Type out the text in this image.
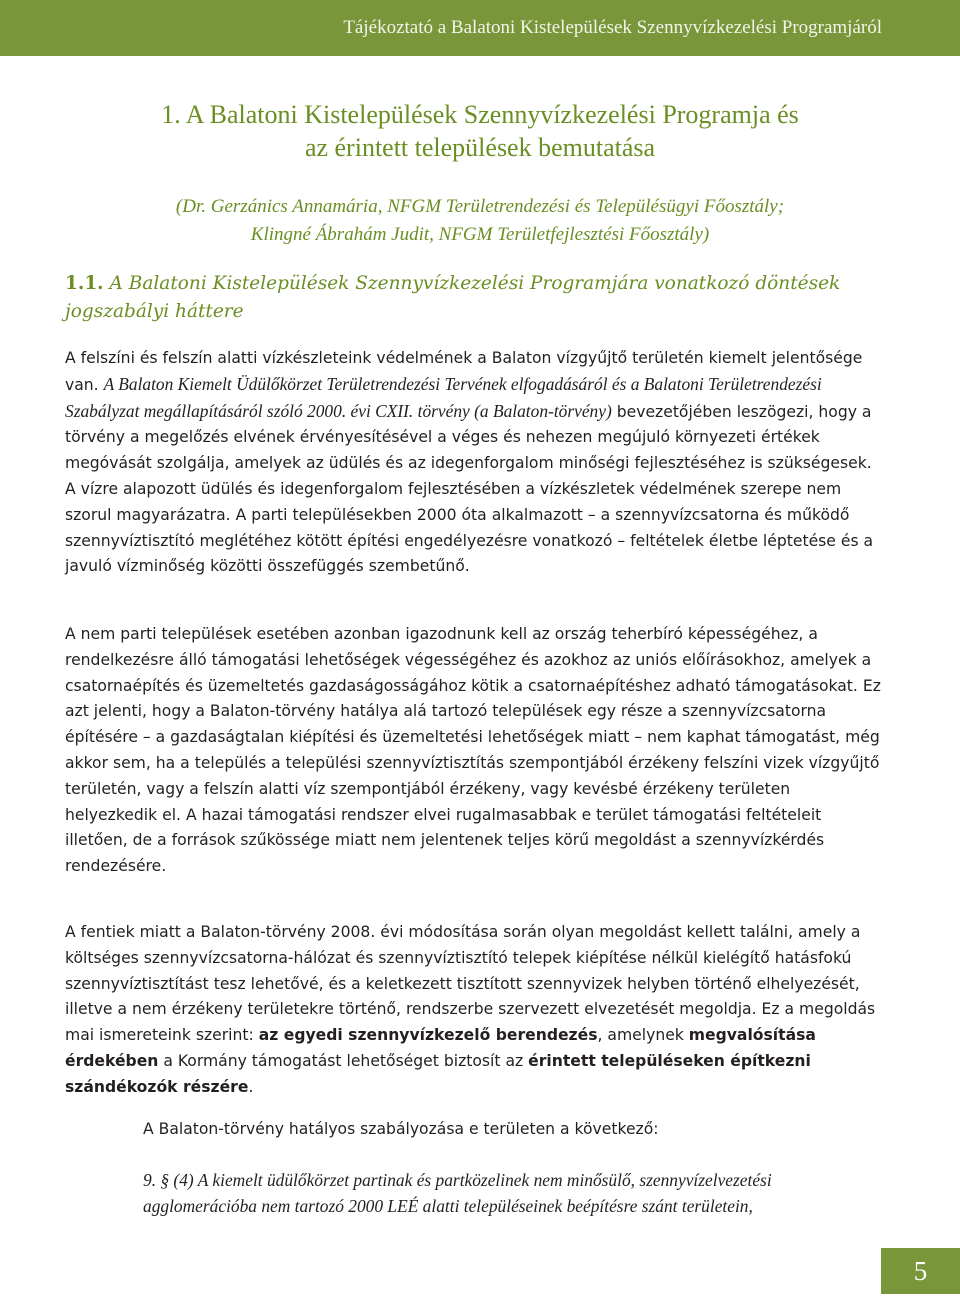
Tájékoztató a Balatoni Kistelepülések Szennyvízkezelési Programjáról
1. A Balatoni Kistelepülések Szennyvízkezelési Programja és
az érintett települések bemutatása
(Dr. Gerzánics Annamária, NFGM Területrendezési és Településügyi Főosztály;
Klingné Ábrahám Judit, NFGM Területfejlesztési Főosztály)
1.1. A Balatoni Kistelepülések Szennyvízkezelési Programjára vonatkozó döntések jogszabályi háttere

A felszíni és felszín alatti vízkészleteink védelmének a Balaton vízgyűjtő területén kiemelt jelentősége van. A Balaton Kiemelt Üdülőkörzet Területrendezési Tervének elfogadásáról és a Balatoni Területrendezési Szabályzat megállapításáról szóló 2000. évi CXII. törvény (a Balaton-törvény) bevezetőjében leszögezi, hogy a törvény a megelőzés elvének érvényesítésével a véges és nehezen megújuló környezeti értékek megóvását szolgálja, amelyek az üdülés és az idegenforgalom minőségi fejlesztéséhez is szükségesek. A vízre alapozott üdülés és idegenforgalom fejlesztésében a vízkészletek védelmének szerepe nem szorul magyarázatra. A parti településekben 2000 óta alkalmazott – a szennyvízcsatorna és működő szennyvíztisztító meglétéhez kötött építési engedélyezésre vonatkozó – feltételek életbe léptetése és a javuló vízminőség közötti összefüggés szembetűnő.

A nem parti települések esetében azonban igazodnunk kell az ország teherbíró képességéhez, a rendelkezésre álló támogatási lehetőségek végességéhez és azokhoz az uniós előírásokhoz, amelyek a csatornaépítés és üzemeltetés gazdaságosságához kötik a csatornaépítéshez adható támogatásokat. Ez azt jelenti, hogy a Balaton-törvény hatálya alá tartozó települések egy része a szennyvízcsatorna építésére – a gazdaságtalan kiépítési és üzemeltetési lehetőségek miatt – nem kaphat támogatást, még akkor sem, ha a település a települési szennyvíztisztítás szempontjából érzékeny felszíni vizek vízgyűjtő területén, vagy a felszín alatti víz szempontjából érzékeny, vagy kevésbé érzékeny területen helyezkedik el. A hazai támogatási rendszer elvei rugalmasabbak e terület támogatási feltételeit illetően, de a források szűkössége miatt nem jelentenek teljes körű megoldást a szennyvízkérdés rendezésére.

A fentiek miatt a Balaton-törvény 2008. évi módosítása során olyan megoldást kellett találni, amely a költséges szennyvízcsatorna-hálózat és szennyvíztisztító telepek kiépítése nélkül kielégítő hatásfokú szennyvíztisztítást tesz lehetővé, és a keletkezett tisztított szennyvizek helyben történő elhelyezését, illetve a nem érzékeny területekre történő, rendszerbe szervezett elvezetését megoldja. Ez a megoldás mai ismereteink szerint: az egyedi szennyvízkezelő berendezés, amelynek megvalósítása érdekében a Kormány támogatást lehetőséget biztosít az érintett településeken építkezni szándékozók részére.

A Balaton-törvény hatályos szabályozása e területen a következő:

9. § (4) A kiemelt üdülőkörzet partinak és partközelinek nem minősülő, szennyvízelvezetési agglomerációba nem tartozó 2000 LEÉ alatti településeinek beépítésre szánt területein,
5
